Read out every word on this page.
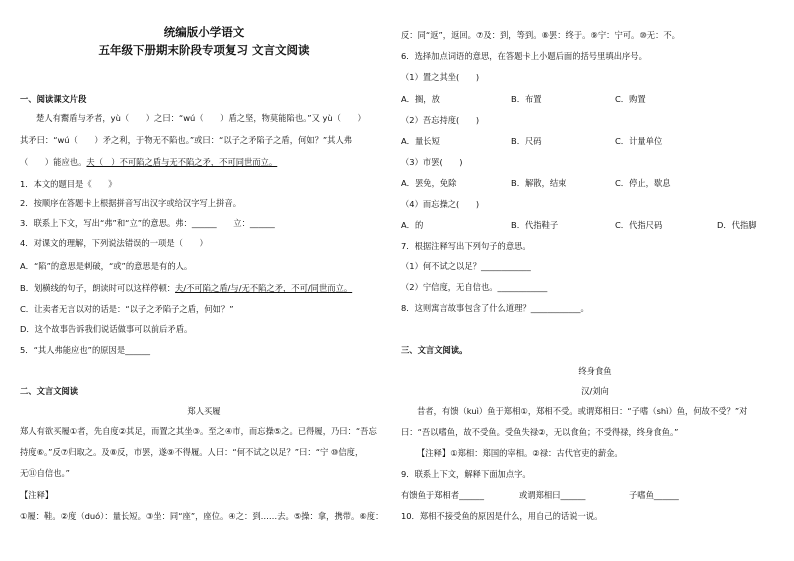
统编版小学语文
五年级下册期末阶段专项复习 文言文阅读
一、阅读课文片段
楚人有鬻盾与矛者，yù（　　）之曰：“wú（　　）盾之坚，物莫能陷也。”又 yù（　　）
其矛曰：“wú（　　）矛之利，于物无不陷也。”或曰：“以子之矛陷子之盾，何如？”其人弗
（　　）能应也。夫（　）不可陷之盾与无不陷之矛，不可同世而立。
1．本文的题目是《　　》
2．按顺序在答题卡上根据拼音写出汉字或给汉字写上拼音。
3．联系上下文，写出“弗”和“立”的意思。弗：______　　立：______
4．对课文的理解，下列说法错误的一项是（　　）
A．“陷”的意思是刺破，“或”的意思是有的人。
B．划横线的句子，朗读时可以这样停顿：夫/不可陷之盾/与/无不陷之矛，不可/同世而立。
C．让卖者无言以对的话是：“以子之矛陷子之盾，何如？”
D．这个故事告诉我们说话做事可以前后矛盾。
5．“其人弗能应也”的原因是______
二、文言文阅读
郑人买履
郑人有欲买履①者，先自度②其足，而置之其坐③。至之④市，而忘操⑤之。已得履，乃曰：“吾忘
持度⑥。”反⑦归取之。及⑧反，市罢，遂⑨不得履。人曰：“何不试之以足？”曰：“宁 ⑩信度，
无⑪自信也。”
【注释】
①履：鞋。②度（duó）：量长短。③坐：同“座”，座位。④之：到……去。⑤操：拿，携带。⑥度：
反：同“返”，返回。⑦及：到，等到。⑧罢：终于。⑨宁：宁可。⑩无：不。
6．选择加点词语的意思，在答题卡上小题后面的括号里填出序号。
（1）置之其坐(　　)
A．搁，放	B．布置	C．购置
（2）吾忘持度(　　)
A．量长短	B．尺码	C．计量单位
（3）市罢(　　)
A．罢免，免除	B．解散，结束	C．停止，歇息
（4）而忘操之(　　)
A．的	B．代指鞋子	C．代指尺码	D．代指脚
7．根据注释写出下列句子的意思。
（1）何不试之以足？____________
（2）宁信度，无自信也。____________
8．这则寓言故事包含了什么道理？____________。
三、文言文阅读。
终身食鱼
汉/刘向
昔者，有馈（kuì）鱼于郑相①，郑相不受。或谓郑相曰：“子嗜（shì）鱼，何故不受？”对
曰：“吾以嗜鱼，故不受鱼。受鱼失禄②，无以食鱼；不受得禄，终身食鱼。”
【注释】①郑相：郑国的宰相。②禄：古代官吏的薪金。
9．联系上下文，解释下面加点字。
有馈鱼于郑相者______	或谓郑相曰______	子嗜鱼______
10．郑相不接受鱼的原因是什么，用自己的话说一说。
